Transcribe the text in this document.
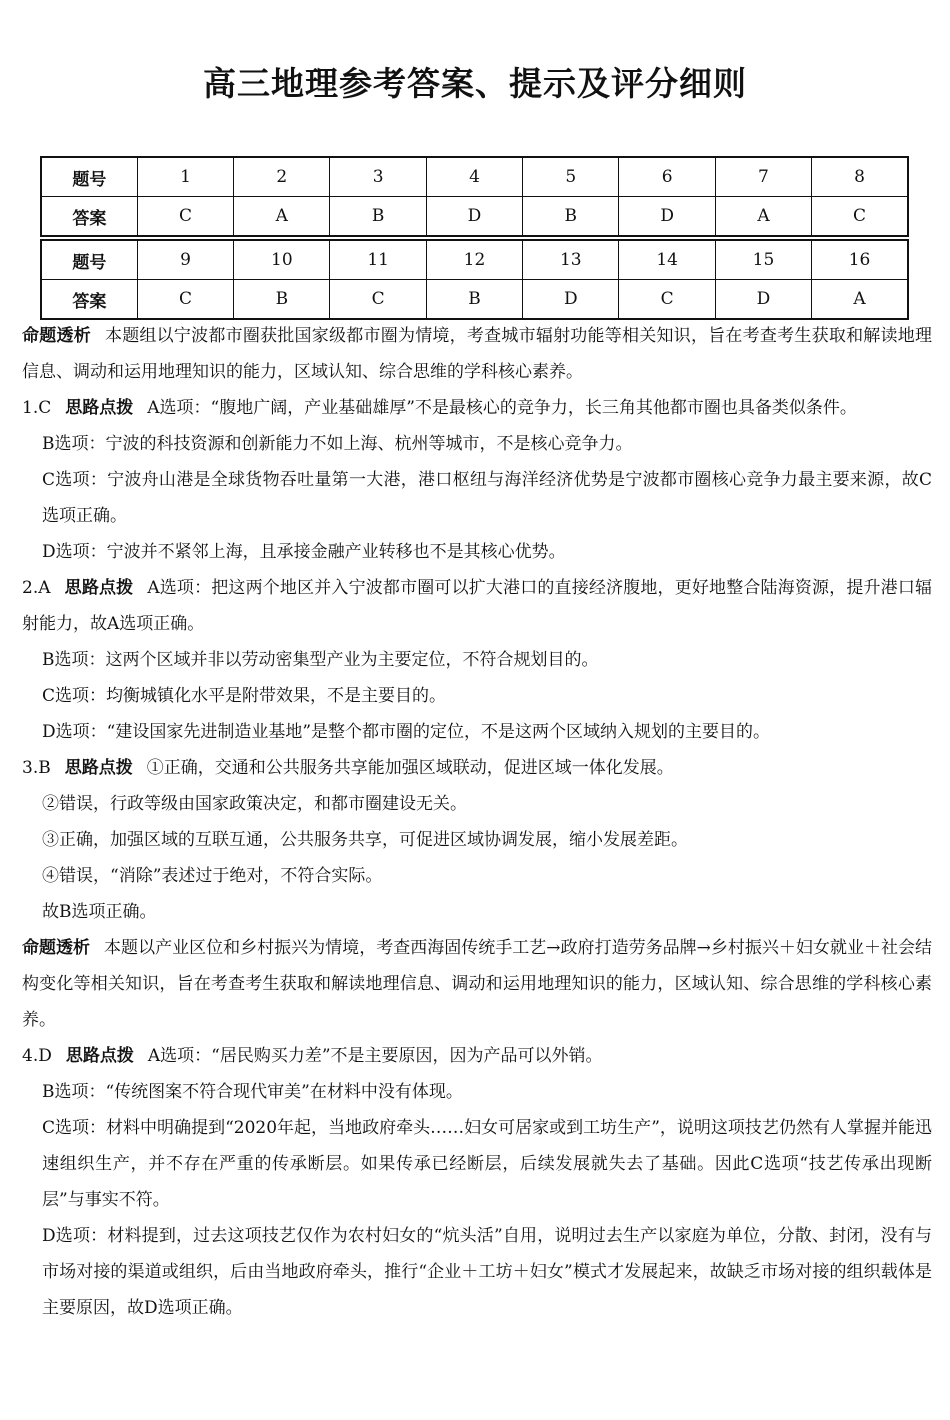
高三地理参考答案、提示及评分细则
题号	1	2	3	4	5	6	7	8
答案	C	A	B	D	B	D	A	C
题号	9	10	11	12	13	14	15	16
答案	C	B	C	B	D	C	D	A

命题透析 本题组以宁波都市圈获批国家级都市圈为情境，考查城市辐射功能等相关知识，旨在考查考生获取和解读地理信息、调动和运用地理知识的能力，区域认知、综合思维的学科核心素养。

1.C 思路点拨 A选项：“腹地广阔，产业基础雄厚”不是最核心的竞争力，长三角其他都市圈也具备类似条件。

B选项：宁波的科技资源和创新能力不如上海、杭州等城市，不是核心竞争力。

C选项：宁波舟山港是全球货物吞吐量第一大港，港口枢纽与海洋经济优势是宁波都市圈核心竞争力最主要来源，故C选项正确。

D选项：宁波并不紧邻上海，且承接金融产业转移也不是其核心优势。

2.A 思路点拨 A选项：把这两个地区并入宁波都市圈可以扩大港口的直接经济腹地，更好地整合陆海资源，提升港口辐射能力，故A选项正确。

B选项：这两个区域并非以劳动密集型产业为主要定位，不符合规划目的。

C选项：均衡城镇化水平是附带效果，不是主要目的。

D选项：“建设国家先进制造业基地”是整个都市圈的定位，不是这两个区域纳入规划的主要目的。

3.B 思路点拨 ①正确，交通和公共服务共享能加强区域联动，促进区域一体化发展。

②错误，行政等级由国家政策决定，和都市圈建设无关。

③正确，加强区域的互联互通，公共服务共享，可促进区域协调发展，缩小发展差距。

④错误，“消除”表述过于绝对，不符合实际。

故B选项正确。

命题透析 本题以产业区位和乡村振兴为情境，考查西海固传统手工艺→政府打造劳务品牌→乡村振兴＋妇女就业＋社会结构变化等相关知识，旨在考查考生获取和解读地理信息、调动和运用地理知识的能力，区域认知、综合思维的学科核心素养。

4.D 思路点拨 A选项：“居民购买力差”不是主要原因，因为产品可以外销。

B选项：“传统图案不符合现代审美”在材料中没有体现。

C选项：材料中明确提到“2020年起，当地政府牵头……妇女可居家或到工坊生产”，说明这项技艺仍然有人掌握并能迅速组织生产，并不存在严重的传承断层。如果传承已经断层，后续发展就失去了基础。因此C选项“技艺传承出现断层”与事实不符。

D选项：材料提到，过去这项技艺仅作为农村妇女的“炕头活”自用，说明过去生产以家庭为单位，分散、封闭，没有与市场对接的渠道或组织，后由当地政府牵头，推行“企业＋工坊＋妇女”模式才发展起来，故缺乏市场对接的组织载体是主要原因，故D选项正确。
